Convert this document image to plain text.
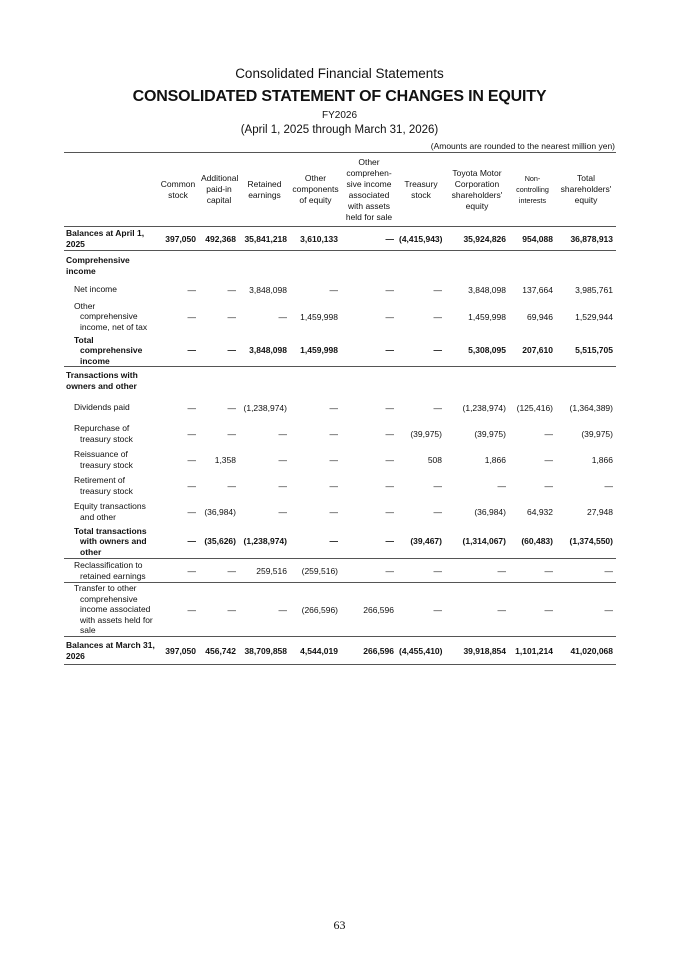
Consolidated Financial Statements
CONSOLIDATED STATEMENT OF CHANGES IN EQUITY
FY2026
(April 1, 2025 through March 31, 2026)
(Amounts are rounded to the nearest million yen)
	Common stock	Additional paid-in capital	Retained earnings	Other components of equity	Other comprehen-sive income associated with assets held for sale	Treasury stock	Toyota Motor Corporation shareholders' equity	Non-controlling interests	Total shareholders' equity
Balances at April 1, 2025	397,050	492,368	35,841,218	3,610,133	—	(4,415,943)	35,924,826	954,088	36,878,913
Comprehensive income									
Net income	—	—	3,848,098	—	—	—	3,848,098	137,664	3,985,761
Other comprehensive income, net of tax	—	—	—	1,459,998	—	—	1,459,998	69,946	1,529,944
Total comprehensive income	—	—	3,848,098	1,459,998	—	—	5,308,095	207,610	5,515,705
Transactions with owners and other									
Dividends paid	—	—	(1,238,974)	—	—	—	(1,238,974)	(125,416)	(1,364,389)
Repurchase of treasury stock	—	—	—	—	—	(39,975)	(39,975)	—	(39,975)
Reissuance of treasury stock	—	1,358	—	—	—	508	1,866	—	1,866
Retirement of treasury stock	—	—	—	—	—	—	—	—	—
Equity transactions and other	—	(36,984)	—	—	—	—	(36,984)	64,932	27,948
Total transactions with owners and other	—	(35,626)	(1,238,974)	—	—	(39,467)	(1,314,067)	(60,483)	(1,374,550)
Reclassification to retained earnings	—	—	259,516	(259,516)	—	—	—	—	—
Transfer to other comprehensive income associated with assets held for sale	—	—	—	(266,596)	266,596	—	—	—	—
Balances at March 31, 2026	397,050	456,742	38,709,858	4,544,019	266,596	(4,455,410)	39,918,854	1,101,214	41,020,068
63
